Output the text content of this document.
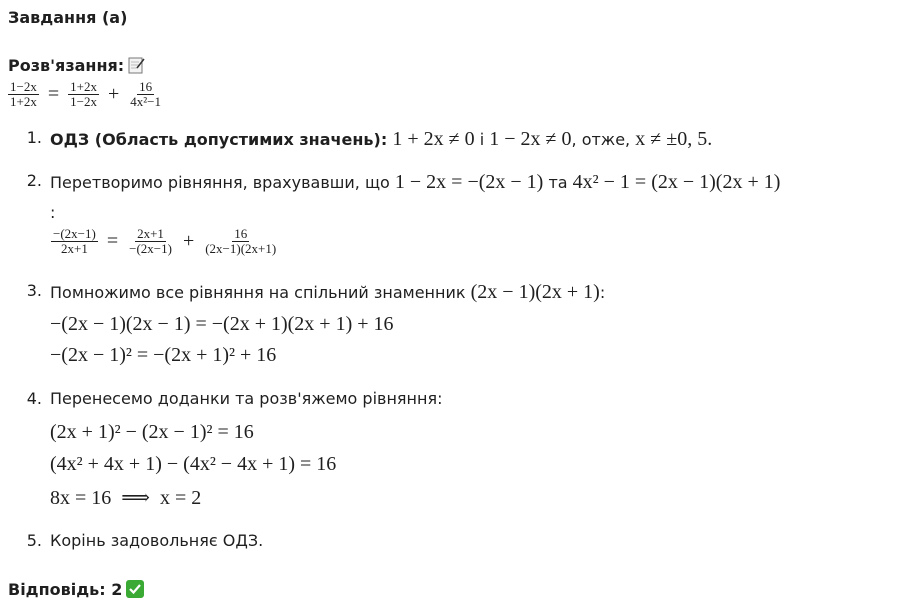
Завдання (а)
Розв'язання:
$\frac{1-2x}{1+2x} = \frac{1+2x}{1-2x} + \frac{16}{\text{4x²−1}}$
1. ОДЗ (Область допустимих значень): 1 + 2x ≠ 0 і 1 − 2x ≠ 0, отже, x ≠ ±0, 5.
2. Перетворимо рівняння, врахувавши, що 1 − 2x = −(2x − 1) та 4x² − 1 = (2x − 1)(2x + 1)
:
$\frac{-(2x-1)}{2x+1} = \frac{2x+1}{-(2x-1)} + \frac{16}{(2x-1)(2x+1)}$
3. Помножимо все рівняння на спільний знаменник (2x − 1)(2x + 1):
−(2x − 1)(2x − 1) = −(2x + 1)(2x + 1) + 16
−(2x − 1)² = −(2x + 1)² + 16
4. Перенесемо доданки та розв'яжемо рівняння:
(2x + 1)² − (2x − 1)² = 16
(4x² + 4x + 1) − (4x² − 4x + 1) = 16
8x = 16  ⟹  x = 2
5. Корінь задовольняє ОДЗ.
Відповідь: 2
